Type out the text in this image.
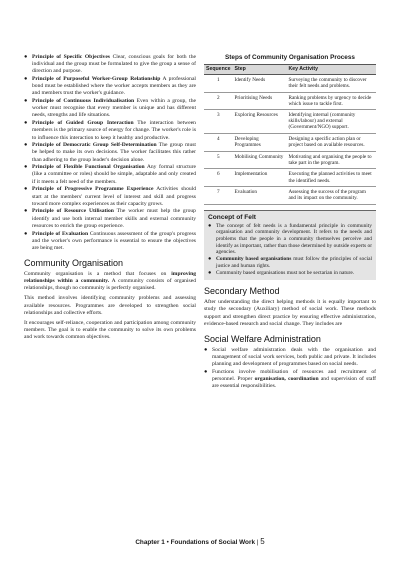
● Principle of Specific Objectives Clear, conscious goals for both the individual and the group must be formulated to give the group a sense of direction and purpose.
● Principle of Purposeful Worker-Group Relationship A professional bond must be established where the worker accepts members as they are and members trust the worker's guidance.
● Principle of Continuous Individualisation Even within a group, the worker must recognise that every member is unique and has different needs, strengths and life situations.
● Principle of Guided Group Interaction The interaction between members is the primary source of energy for change. The worker's role is to influence this interaction to keep it healthy and productive.
● Principle of Democratic Group Self-Determination The group must be helped to make its own decisions. The worker facilitates this rather than adhering to the group leader's decision alone.
● Principle of Flexible Functional Organisation Any formal structure (like a committee or roles) should be simple, adaptable and only created if it meets a felt need of the members.
● Principle of Progressive Programme Experience Activities should start at the members' current level of interest and skill and progress toward more complex experiences as their capacity grows.
● Principle of Resource Utilisation The worker must help the group identify and use both internal member skills and external community resources to enrich the group experience.
● Principle of Evaluation Continuous assessment of the group's progress and the worker's own performance is essential to ensure the objectives are being met.
Community Organisation

Community organisation is a method that focuses on improving relationships within a community. A community consists of organised relationships, though no community is perfectly organised.

This method involves identifying community problems and assessing available resources. Programmes are developed to strengthen social relationships and collective efforts.

It encourages self-reliance, cooperation and participation among community members. The goal is to enable the community to solve its own problems and work towards common objectives.

Steps of Community Organisation Process
Sequence	Step	Key Activity
1	Identify Needs	Surveying the community to discover their felt needs and problems.
2	Prioritising Needs	Ranking problems by urgency to decide which issue to tackle first.
3	Exploring Resources	Identifying internal (community skills/labour) and external (Government/NGO) support.
4	Developing Programmes	Designing a specific action plan or project based on available resources.
5	Mobilising Community	Motivating and organising the people to take part in the program.
6	Implementation	Executing the planned activities to meet the identified needs.
7	Evaluation	Assessing the success of the program and its impact on the community.
Concept of Felt
● The concept of felt needs is a fundamental principle in community organisation and community development. It refers to the needs and problems that the people in a community themselves perceive and identify as important, rather than those determined by outside experts or agencies.
● Community based organisations must follow the principles of social justice and human rights.
● Community based organisations must not be sectarian in nature.
Secondary Method

After understanding the direct helping methods it is equally important to study the secondary (Auxiliary) method of social work. These methods support and strengthen direct practice by ensuring effective administration, evidence-based research and social change. They includes are

Social Welfare Administration
● Social welfare administration deals with the organisation and management of social work services, both public and private. It includes planning and development of programmes based on social needs.
● Functions involve mobilisation of resources and recruitment of personnel. Proper organisation, coordination and supervision of staff are essential responsibilities.
Chapter 1 • Foundations of Social Work | 5
